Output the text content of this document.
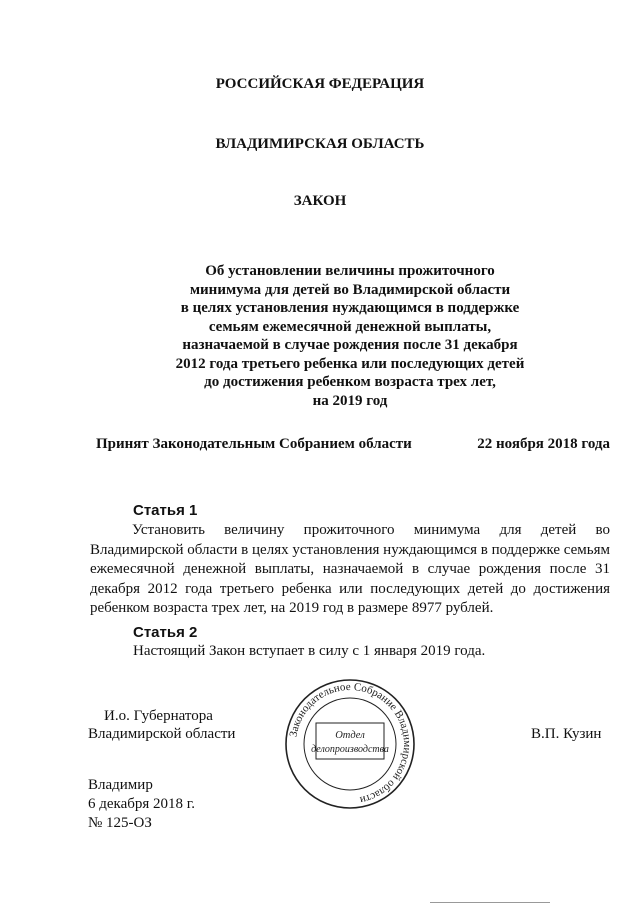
РОССИЙСКАЯ ФЕДЕРАЦИЯ
ВЛАДИМИРСКАЯ ОБЛАСТЬ
ЗАКОН
Об установлении величины прожиточного
минимума для детей во Владимирской области
в целях установления нуждающимся в поддержке
семьям ежемесячной денежной выплаты,
назначаемой в случае рождения после 31 декабря
2012 года третьего ребенка или последующих детей
до достижения ребенком возраста трех лет,
на 2019 год
Принят Законодательным Собранием области	22 ноября 2018 года
Статья 1
Установить величину прожиточного минимума для детей во Владимирской области в целях установления нуждающимся в поддержке семьям ежемесячной денежной выплаты, назначаемой в случае рождения после 31 декабря 2012 года третьего ребенка или последующих детей до достижения ребенком возраста трех лет, на 2019 год в размере 8977 рублей.
Статья 2
Настоящий Закон вступает в силу с 1 января 2019 года.
И.о. Губернатора
Владимирской области	В.П. Кузин
Законодательное Собрание Владимирской области
Отдел
делопроизводства
Владимир
6 декабря 2018 г.
№ 125-ОЗ
